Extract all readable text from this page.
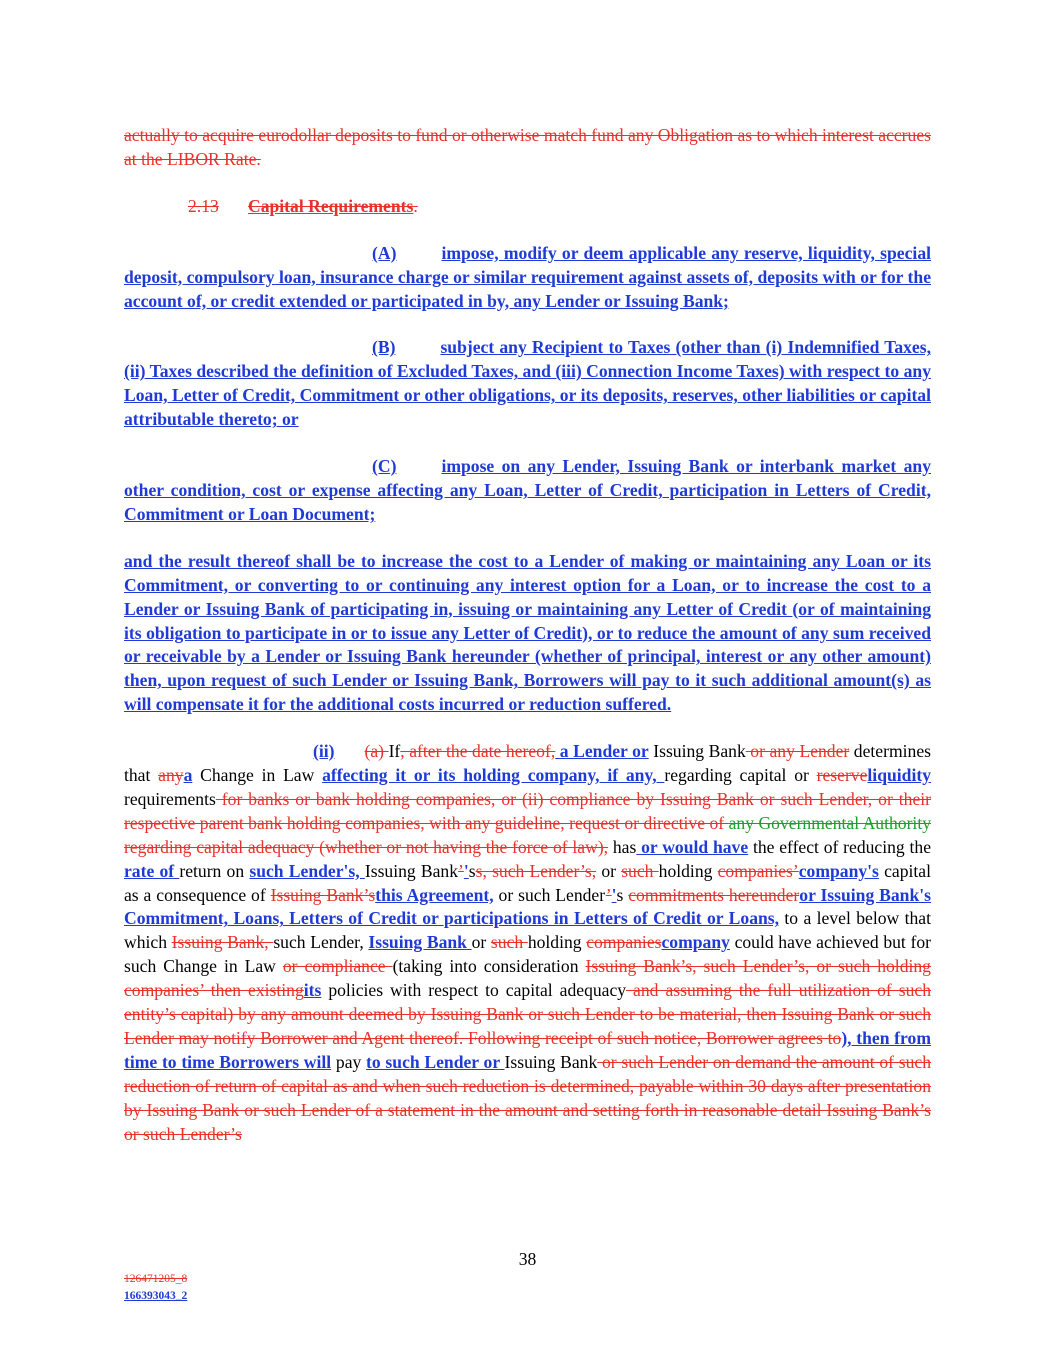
actually to acquire eurodollar deposits to fund or otherwise match fund any Obligation as to which interest accrues at the LIBOR Rate.

2.13 Capital Requirements.

(A)	impose, modify or deem applicable any reserve, liquidity, special deposit, compulsory loan, insurance charge or similar requirement against assets of, deposits with or for the account of, or credit extended or participated in by, any Lender or Issuing Bank;

(B)	subject any Recipient to Taxes (other than (i) Indemnified Taxes, (ii) Taxes described the definition of Excluded Taxes, and (iii) Connection Income Taxes) with respect to any Loan, Letter of Credit, Commitment or other obligations, or its deposits, reserves, other liabilities or capital attributable thereto; or

(C)	impose on any Lender, Issuing Bank or interbank market any other condition, cost or expense affecting any Loan, Letter of Credit, participation in Letters of Credit, Commitment or Loan Document;

and the result thereof shall be to increase the cost to a Lender of making or maintaining any Loan or its Commitment, or converting to or continuing any interest option for a Loan, or to increase the cost to a Lender or Issuing Bank of participating in, issuing or maintaining any Letter of Credit (or of maintaining its obligation to participate in or to issue any Letter of Credit), or to reduce the amount of any sum received or receivable by a Lender or Issuing Bank hereunder (whether of principal, interest or any other amount) then, upon request of such Lender or Issuing Bank, Borrowers will pay to it such additional amount(s) as will compensate it for the additional costs incurred or reduction suffered.

(ii) (a) If, after the date hereof, a Lender or Issuing Bank or any Lender determines that anya Change in Law affecting it or its holding company, if any, regarding capital or reserveliquidity requirements for banks or bank holding companies, or (ii) compliance by Issuing Bank or such Lender, or their respective parent bank holding companies, with any guideline, request or directive of any Governmental Authority regarding capital adequacy (whether or not having the force of law), has or would have the effect of reducing the rate of return on such Lender's, Issuing Bank’'ss, such Lender’s, or such holding companies’company's capital as a consequence of Issuing Bank’sthis Agreement, or such Lender’'s commitments hereunderor Issuing Bank's Commitment, Loans, Letters of Credit or participations in Letters of Credit or Loans, to a level below that which Issuing Bank, such Lender, Issuing Bank or such holding companiescompany could have achieved but for such Change in Law or compliance (taking into consideration Issuing Bank’s, such Lender’s, or such holding companies’ then existingits policies with respect to capital adequacy and assuming the full utilization of such entity’s capital) by any amount deemed by Issuing Bank or such Lender to be material, then Issuing Bank or such Lender may notify Borrower and Agent thereof. Following receipt of such notice, Borrower agrees to), then from time to time Borrowers will pay to such Lender or Issuing Bank or such Lender on demand the amount of such reduction of return of capital as and when such reduction is determined, payable within 30 days after presentation by Issuing Bank or such Lender of a statement in the amount and setting forth in reasonable detail Issuing Bank’s or such Lender’s

38
126471205_8
166393043_2
